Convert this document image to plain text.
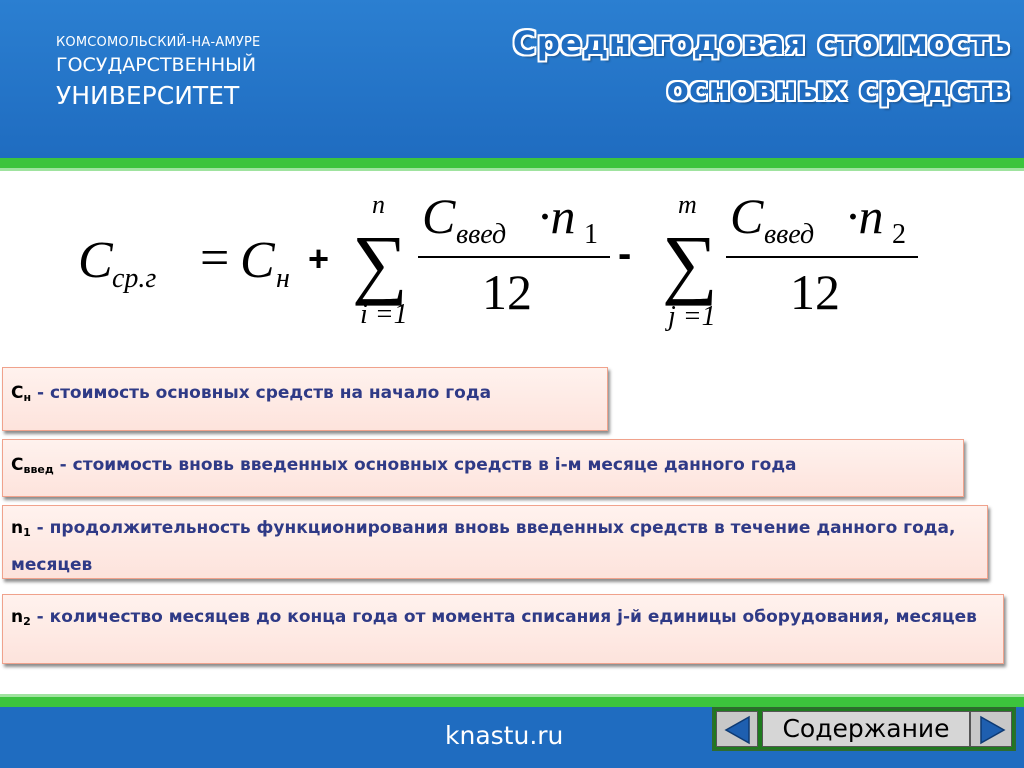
КОМСОМОЛЬСКИЙ-НА-АМУРЕ
ГОСУДАРСТВЕННЫЙ
УНИВЕРСИТЕТ
Среднегодовая стоимость
основных средств
C ср.г = C н +
n
∑
i =1
C введ ·n 1
12
-
m
∑
j =1
C введ ·n 2
12
$С_н$ - стоимость основных средств на начало года
$С_{введ}$ - стоимость вновь введенных основных средств в i-м месяце данного года
$n_1$ - продолжительность функционирования вновь введенных средств в течение данного года, месяцев
$n_2$ - количество месяцев до конца года от момента списания j-й единицы оборудования, месяцев
knastu.ru	Содержание
